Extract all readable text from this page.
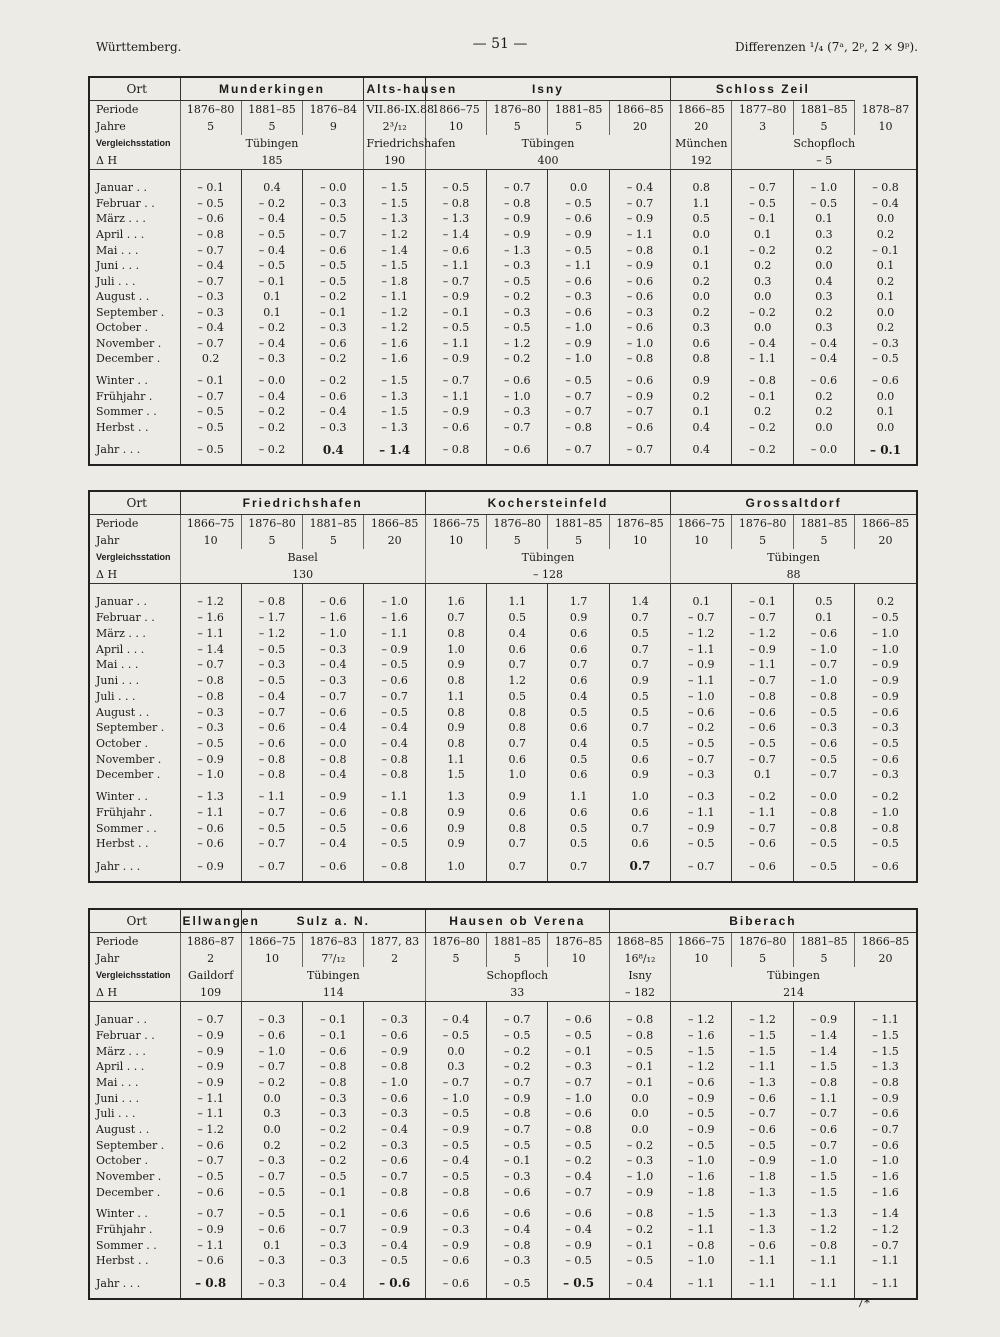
Württemberg.	— 51 —	Differenzen ¹/₄ (7ᵃ, 2ᵖ, 2 × 9ᵖ).
Ort	Munderkingen			Alts-hausen	Isny				Schloss Zeil			
Periode	1876–80	1881–85	1876–84	VII.86-IX.88	1866–75	1876–80	1881–85	1866–85	1866–85	1877–80	1881–85	1878–87
Jahre	5	5	9	2³/₁₂	10	5	5	20	20	3	5	10
Vergleichsstation	Tübingen			Friedrichshafen	Tübingen				München	Schopfloch		
Δ H	185			190	400				192	– 5		

Januar . .	– 0.1	0.4	– 0.0	– 1.5	– 0.5	– 0.7	0.0	– 0.4	0.8	– 0.7	– 1.0	– 0.8
Februar . .	– 0.5	– 0.2	– 0.3	– 1.5	– 0.8	– 0.8	– 0.5	– 0.7	1.1	– 0.5	– 0.5	– 0.4
März . . .	– 0.6	– 0.4	– 0.5	– 1.3	– 1.3	– 0.9	– 0.6	– 0.9	0.5	– 0.1	0.1	0.0
April . . .	– 0.8	– 0.5	– 0.7	– 1.2	– 1.4	– 0.9	– 0.9	– 1.1	0.0	0.1	0.3	0.2
Mai . . .	– 0.7	– 0.4	– 0.6	– 1.4	– 0.6	– 1.3	– 0.5	– 0.8	0.1	– 0.2	0.2	– 0.1
Juni . . .	– 0.4	– 0.5	– 0.5	– 1.5	– 1.1	– 0.3	– 1.1	– 0.9	0.1	0.2	0.0	0.1
Juli . . .	– 0.7	– 0.1	– 0.5	– 1.8	– 0.7	– 0.5	– 0.6	– 0.6	0.2	0.3	0.4	0.2
August . .	– 0.3	0.1	– 0.2	– 1.1	– 0.9	– 0.2	– 0.3	– 0.6	0.0	0.0	0.3	0.1
September .	– 0.3	0.1	– 0.1	– 1.2	– 0.1	– 0.3	– 0.6	– 0.3	0.2	– 0.2	0.2	0.0
October .	– 0.4	– 0.2	– 0.3	– 1.2	– 0.5	– 0.5	– 1.0	– 0.6	0.3	0.0	0.3	0.2
November .	– 0.7	– 0.4	– 0.6	– 1.6	– 1.1	– 1.2	– 0.9	– 1.0	0.6	– 0.4	– 0.4	– 0.3
December .	0.2	– 0.3	– 0.2	– 1.6	– 0.9	– 0.2	– 1.0	– 0.8	0.8	– 1.1	– 0.4	– 0.5

Winter . .	– 0.1	– 0.0	– 0.2	– 1.5	– 0.7	– 0.6	– 0.5	– 0.6	0.9	– 0.8	– 0.6	– 0.6
Frühjahr .	– 0.7	– 0.4	– 0.6	– 1.3	– 1.1	– 1.0	– 0.7	– 0.9	0.2	– 0.1	0.2	0.0
Sommer . .	– 0.5	– 0.2	– 0.4	– 1.5	– 0.9	– 0.3	– 0.7	– 0.7	0.1	0.2	0.2	0.1
Herbst . .	– 0.5	– 0.2	– 0.3	– 1.3	– 0.6	– 0.7	– 0.8	– 0.6	0.4	– 0.2	0.0	0.0

Jahr . . .	– 0.5	– 0.2	0.4	– 1.4	– 0.8	– 0.6	– 0.7	– 0.7	0.4	– 0.2	– 0.0	– 0.1

Ort	Friedrichshafen				Kochersteinfeld				Grossaltdorf			
Periode	1866–75	1876–80	1881–85	1866–85	1866–75	1876–80	1881–85	1876–85	1866–75	1876–80	1881–85	1866–85
Jahr	10	5	5	20	10	5	5	10	10	5	5	20
Vergleichsstation	Basel				Tübingen				Tübingen			
Δ H	130				– 128				88			

Januar . .	– 1.2	– 0.8	– 0.6	– 1.0	1.6	1.1	1.7	1.4	0.1	– 0.1	0.5	0.2
Februar . .	– 1.6	– 1.7	– 1.6	– 1.6	0.7	0.5	0.9	0.7	– 0.7	– 0.7	0.1	– 0.5
März . . .	– 1.1	– 1.2	– 1.0	– 1.1	0.8	0.4	0.6	0.5	– 1.2	– 1.2	– 0.6	– 1.0
April . . .	– 1.4	– 0.5	– 0.3	– 0.9	1.0	0.6	0.6	0.7	– 1.1	– 0.9	– 1.0	– 1.0
Mai . . .	– 0.7	– 0.3	– 0.4	– 0.5	0.9	0.7	0.7	0.7	– 0.9	– 1.1	– 0.7	– 0.9
Juni . . .	– 0.8	– 0.5	– 0.3	– 0.6	0.8	1.2	0.6	0.9	– 1.1	– 0.7	– 1.0	– 0.9
Juli . . .	– 0.8	– 0.4	– 0.7	– 0.7	1.1	0.5	0.4	0.5	– 1.0	– 0.8	– 0.8	– 0.9
August . .	– 0.3	– 0.7	– 0.6	– 0.5	0.8	0.8	0.5	0.5	– 0.6	– 0.6	– 0.5	– 0.6
September .	– 0.3	– 0.6	– 0.4	– 0.4	0.9	0.8	0.6	0.7	– 0.2	– 0.6	– 0.3	– 0.3
October .	– 0.5	– 0.6	– 0.0	– 0.4	0.8	0.7	0.4	0.5	– 0.5	– 0.5	– 0.6	– 0.5
November .	– 0.9	– 0.8	– 0.8	– 0.8	1.1	0.6	0.5	0.6	– 0.7	– 0.7	– 0.5	– 0.6
December .	– 1.0	– 0.8	– 0.4	– 0.8	1.5	1.0	0.6	0.9	– 0.3	0.1	– 0.7	– 0.3

Winter . .	– 1.3	– 1.1	– 0.9	– 1.1	1.3	0.9	1.1	1.0	– 0.3	– 0.2	– 0.0	– 0.2
Frühjahr .	– 1.1	– 0.7	– 0.6	– 0.8	0.9	0.6	0.6	0.6	– 1.1	– 1.1	– 0.8	– 1.0
Sommer . .	– 0.6	– 0.5	– 0.5	– 0.6	0.9	0.8	0.5	0.7	– 0.9	– 0.7	– 0.8	– 0.8
Herbst . .	– 0.6	– 0.7	– 0.4	– 0.5	0.9	0.7	0.5	0.6	– 0.5	– 0.6	– 0.5	– 0.5

Jahr . . .	– 0.9	– 0.7	– 0.6	– 0.8	1.0	0.7	0.7	0.7	– 0.7	– 0.6	– 0.5	– 0.6

Ort	Ellwangen	Sulz a. N.			Hausen ob Verena			Biberach				
Periode	1886–87	1866–75	1876–83	1877, 83	1876–80	1881–85	1876–85	1868–85	1866–75	1876–80	1881–85	1866–85
Jahr	2	10	7⁷/₁₂	2	5	5	10	16⁸/₁₂	10	5	5	20
Vergleichsstation	Gaildorf	Tübingen			Schopfloch			Isny	Tübingen			
Δ H	109	114			33			– 182	214			

Januar . .	– 0.7	– 0.3	– 0.1	– 0.3	– 0.4	– 0.7	– 0.6	– 0.8	– 1.2	– 1.2	– 0.9	– 1.1
Februar . .	– 0.9	– 0.6	– 0.1	– 0.6	– 0.5	– 0.5	– 0.5	– 0.8	– 1.6	– 1.5	– 1.4	– 1.5
März . . .	– 0.9	– 1.0	– 0.6	– 0.9	0.0	– 0.2	– 0.1	– 0.5	– 1.5	– 1.5	– 1.4	– 1.5
April . . .	– 0.9	– 0.7	– 0.8	– 0.8	0.3	– 0.2	– 0.3	– 0.1	– 1.2	– 1.1	– 1.5	– 1.3
Mai . . .	– 0.9	– 0.2	– 0.8	– 1.0	– 0.7	– 0.7	– 0.7	– 0.1	– 0.6	– 1.3	– 0.8	– 0.8
Juni . . .	– 1.1	0.0	– 0.3	– 0.6	– 1.0	– 0.9	– 1.0	0.0	– 0.9	– 0.6	– 1.1	– 0.9
Juli . . .	– 1.1	0.3	– 0.3	– 0.3	– 0.5	– 0.8	– 0.6	0.0	– 0.5	– 0.7	– 0.7	– 0.6
August . .	– 1.2	0.0	– 0.2	– 0.4	– 0.9	– 0.7	– 0.8	0.0	– 0.9	– 0.6	– 0.6	– 0.7
September .	– 0.6	0.2	– 0.2	– 0.3	– 0.5	– 0.5	– 0.5	– 0.2	– 0.5	– 0.5	– 0.7	– 0.6
October .	– 0.7	– 0.3	– 0.2	– 0.6	– 0.4	– 0.1	– 0.2	– 0.3	– 1.0	– 0.9	– 1.0	– 1.0
November .	– 0.5	– 0.7	– 0.5	– 0.7	– 0.5	– 0.3	– 0.4	– 1.0	– 1.6	– 1.8	– 1.5	– 1.6
December .	– 0.6	– 0.5	– 0.1	– 0.8	– 0.8	– 0.6	– 0.7	– 0.9	– 1.8	– 1.3	– 1.5	– 1.6

Winter . .	– 0.7	– 0.5	– 0.1	– 0.6	– 0.6	– 0.6	– 0.6	– 0.8	– 1.5	– 1.3	– 1.3	– 1.4
Frühjahr .	– 0.9	– 0.6	– 0.7	– 0.9	– 0.3	– 0.4	– 0.4	– 0.2	– 1.1	– 1.3	– 1.2	– 1.2
Sommer . .	– 1.1	0.1	– 0.3	– 0.4	– 0.9	– 0.8	– 0.9	– 0.1	– 0.8	– 0.6	– 0.8	– 0.7
Herbst . .	– 0.6	– 0.3	– 0.3	– 0.5	– 0.6	– 0.3	– 0.5	– 0.5	– 1.0	– 1.1	– 1.1	– 1.1

Jahr . . .	– 0.8	– 0.3	– 0.4	– 0.6	– 0.6	– 0.5	– 0.5	– 0.4	– 1.1	– 1.1	– 1.1	– 1.1

7*
